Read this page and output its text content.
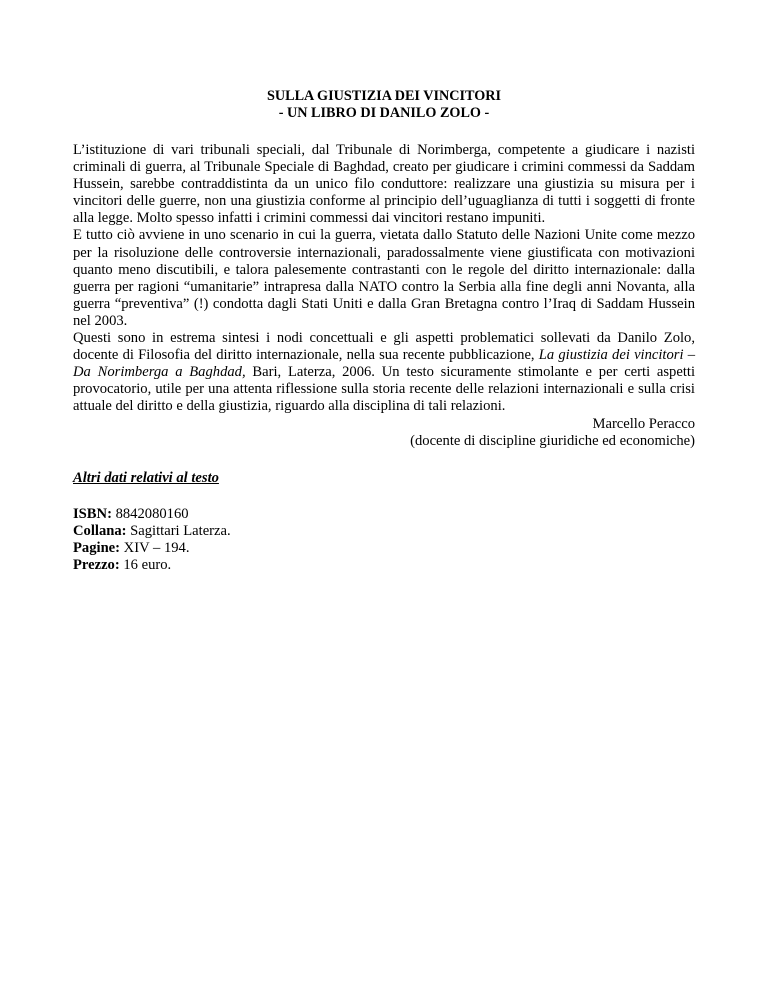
SULLA GIUSTIZIA DEI VINCITORI
- UN LIBRO DI DANILO ZOLO -

L’istituzione di vari tribunali speciali, dal Tribunale di Norimberga, competente a giudicare i nazisti criminali di guerra, al Tribunale Speciale di Baghdad, creato per giudicare i crimini commessi da Saddam Hussein, sarebbe contraddistinta da un unico filo conduttore: realizzare una giustizia su misura per i vincitori delle guerre, non una giustizia conforme al principio dell’uguaglianza di tutti i soggetti di fronte alla legge. Molto spesso infatti i crimini commessi dai vincitori restano impuniti.

E tutto ciò avviene in uno scenario in cui la guerra, vietata dallo Statuto delle Nazioni Unite come mezzo per la risoluzione delle controversie internazionali, paradossalmente viene giustificata con motivazioni quanto meno discutibili, e talora palesemente contrastanti con le regole del diritto internazionale: dalla guerra per ragioni “umanitarie” intrapresa dalla NATO contro la Serbia alla fine degli anni Novanta, alla guerra “preventiva” (!) condotta dagli Stati Uniti e dalla Gran Bretagna contro l’Iraq di Saddam Hussein nel 2003.

Questi sono in estrema sintesi i nodi concettuali e gli aspetti problematici sollevati da Danilo Zolo, docente di Filosofia del diritto internazionale, nella sua recente pubblicazione, La giustizia dei vincitori – Da Norimberga a Baghdad, Bari, Laterza, 2006. Un testo sicuramente stimolante e per certi aspetti provocatorio, utile per una attenta riflessione sulla storia recente delle relazioni internazionali e sulla crisi attuale del diritto e della giustizia, riguardo alla disciplina di tali relazioni.

Marcello Peracco

(docente di discipline giuridiche ed economiche)

Altri dati relativi al testo

ISBN: 8842080160

Collana: Sagittari Laterza.

Pagine: XIV – 194.

Prezzo: 16 euro.
